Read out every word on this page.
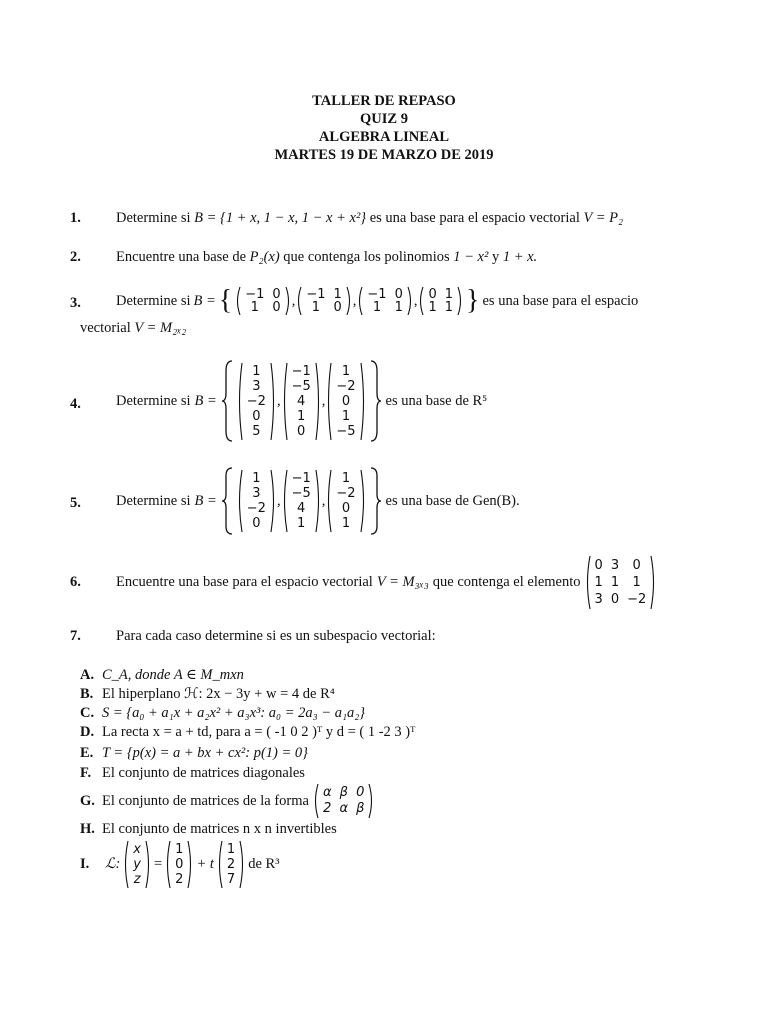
TALLER DE REPASO
QUIZ 9
ALGEBRA LINEAL
MARTES 19 DE MARZO DE 2019
1. Determine si B = {1 + x, 1 − x, 1 − x + x²} es una base para el espacio vectorial V = P₂
2. Encuentre una base de P₂(x) que contenga los polinomios 1 − x² y 1 + x.
3. Determine si B = { −1	0
1	0 , −1	1
1	0 , −1	0
1	1 , 0	1
1	1 } es una base para el espacio
vectorial V = M₂ₓ₂
4. Determine si B =
1
3
−2
0
5
,
−1
−5
4
1
0
,
1
−2
0
1
−5
es una base de R⁵
5. Determine si B =
1
3
−2
0
,
−1
−5
4
1
,
1
−2
0
1
es una base de Gen(B).
6. Encuentre una base para el espacio vectorial V = M₃ₓ₃ que contenga el elemento
0	3	0
1	1	1
3	0	−2
7. Para cada caso determine si es un subespacio vectorial:
A. C_A, donde A ∈ M_mxn
B. El hiperplano ℋ: 2x − 3y + w = 4 de R⁴
C. S = {a₀ + a₁x + a₂x² + a₃x³: a₀ = 2a₃ − a₁a₂}
D. La recta x = a + td, para a = ( -1 0 2 )ᵀ y d = ( 1 -2 3 )ᵀ
E. T = {p(x) = a + bx + cx²: p(1) = 0}
F. El conjunto de matrices diagonales
G. El conjunto de matrices de la forma α	β	0
2	α	β
H. El conjunto de matrices n x n invertibles
I.	ℒ:
x
y
z
=
1
0
2
+ t
1
2
7
de R³
